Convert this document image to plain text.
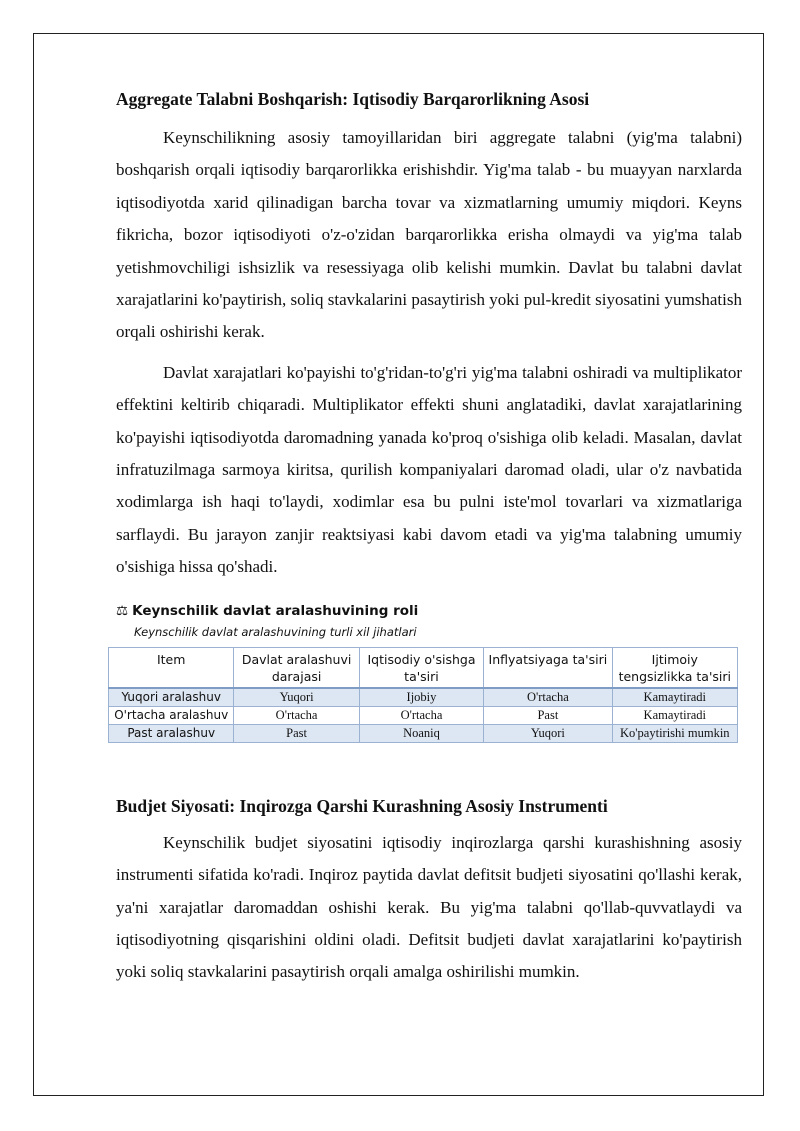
Aggregate Talabni Boshqarish: Iqtisodiy Barqarorlikning Asosi

Keynschilikning asosiy tamoyillaridan biri aggregate talabni (yig'ma talabni) boshqarish orqali iqtisodiy barqarorlikka erishishdir. Yig'ma talab - bu muayyan narxlarda iqtisodiyotda xarid qilinadigan barcha tovar va xizmatlarning umumiy miqdori. Keyns fikricha, bozor iqtisodiyoti o'z-o'zidan barqarorlikka erisha olmaydi va yig'ma talab yetishmovchiligi ishsizlik va resessiyaga olib kelishi mumkin. Davlat bu talabni davlat xarajatlarini ko'paytirish, soliq stavkalarini pasaytirish yoki pul-kredit siyosatini yumshatish orqali oshirishi kerak.

Davlat xarajatlari ko'payishi to'g'ridan-to'g'ri yig'ma talabni oshiradi va multiplikator effektini keltirib chiqaradi. Multiplikator effekti shuni anglatadiki, davlat xarajatlarining ko'payishi iqtisodiyotda daromadning yanada ko'proq o'sishiga olib keladi. Masalan, davlat infratuzilmaga sarmoya kiritsa, qurilish kompaniyalari daromad oladi, ular o'z navbatida xodimlarga ish haqi to'laydi, xodimlar esa bu pulni iste'mol tovarlari va xizmatlariga sarflaydi. Bu jarayon zanjir reaktsiyasi kabi davom etadi va yig'ma talabning umumiy o'sishiga hissa qo'shadi.

⚖ Keynschilik davlat aralashuvining roli
Keynschilik davlat aralashuvining turli xil jihatlari
Item	Davlat aralashuvi darajasi	Iqtisodiy o'sishga ta'siri	Inflyatsiyaga ta'siri	Ijtimoiy tengsizlikka ta'siri
Yuqori aralashuv	Yuqori	Ijobiy	O'rtacha	Kamaytiradi
O'rtacha aralashuv	O'rtacha	O'rtacha	Past	Kamaytiradi
Past aralashuv	Past	Noaniq	Yuqori	Ko'paytirishi mumkin
Budjet Siyosati: Inqirozga Qarshi Kurashning Asosiy Instrumenti

Keynschilik budjet siyosatini iqtisodiy inqirozlarga qarshi kurashishning asosiy instrumenti sifatida ko'radi. Inqiroz paytida davlat defitsit budjeti siyosatini qo'llashi kerak, ya'ni xarajatlar daromaddan oshishi kerak. Bu yig'ma talabni qo'llab-quvvatlaydi va iqtisodiyotning qisqarishini oldini oladi. Defitsit budjeti davlat xarajatlarini ko'paytirish yoki soliq stavkalarini pasaytirish orqali amalga oshirilishi mumkin.
